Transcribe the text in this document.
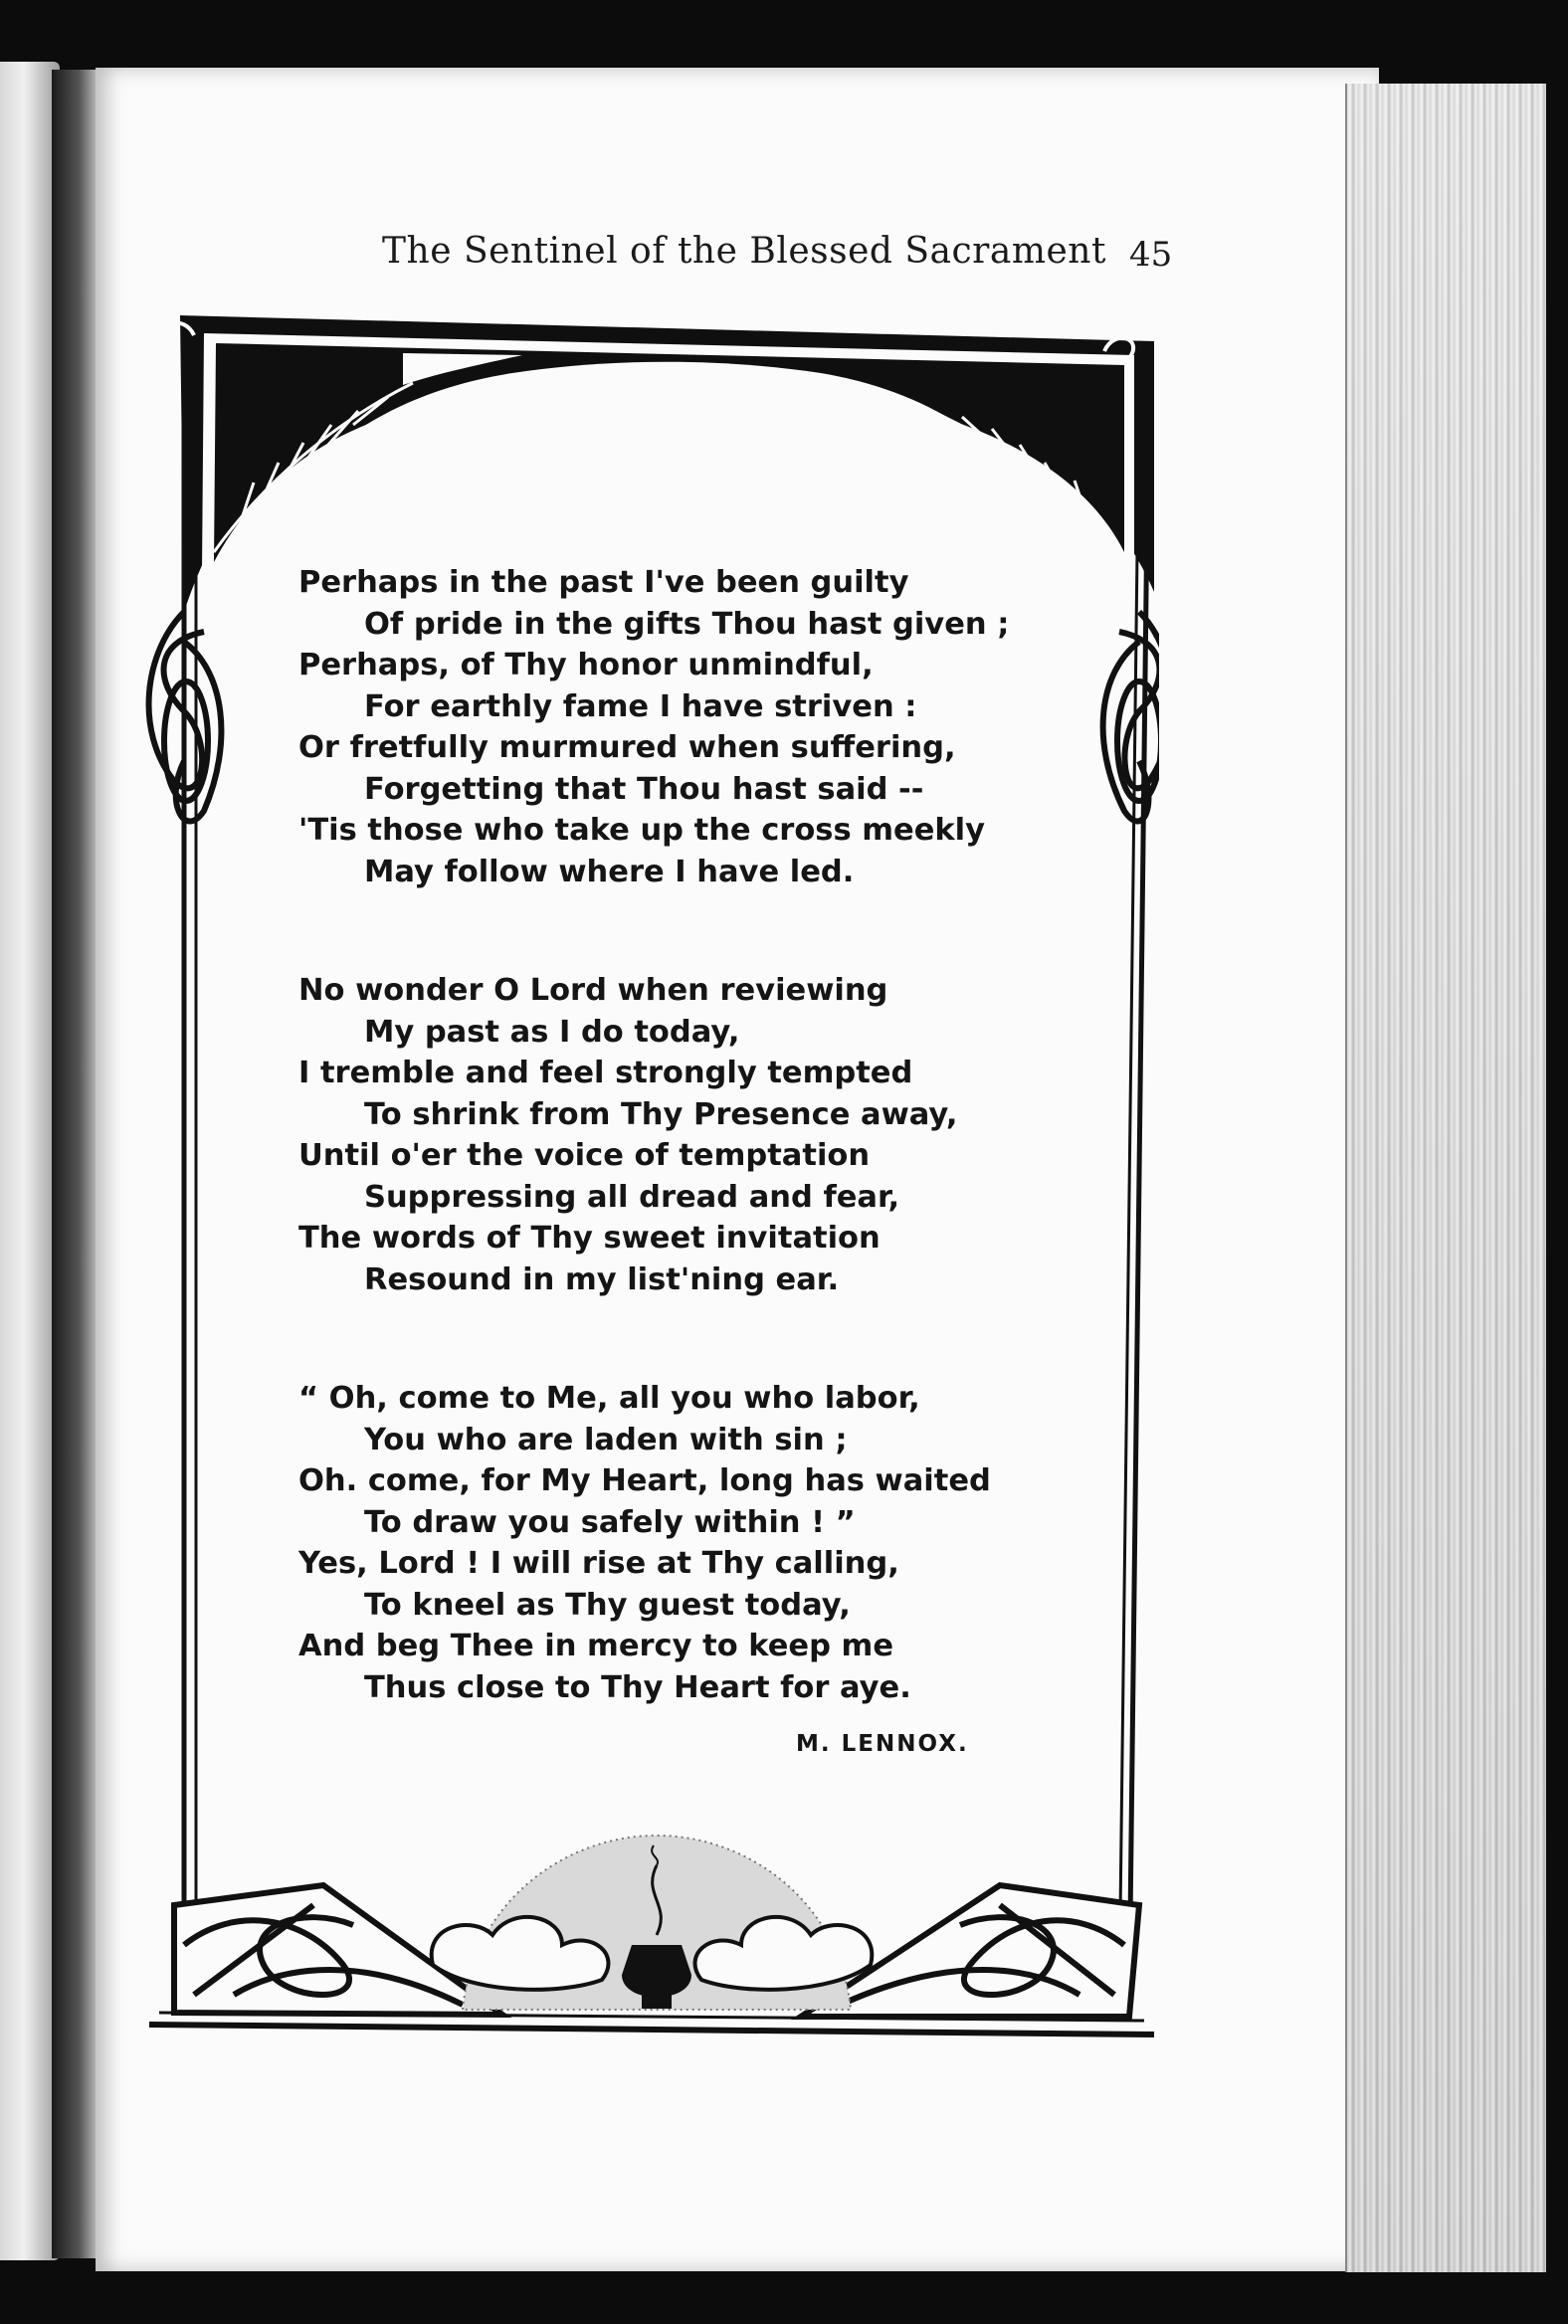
The Sentinel of the Blessed Sacrament 45
Perhaps in the past I've been guilty
Of pride in the gifts Thou hast given ;
Perhaps, of Thy honor unmindful,
For earthly fame I have striven :
Or fretfully murmured when suffering,
Forgetting that Thou hast said --
'Tis those who take up the cross meekly
May follow where I have led.
No wonder O Lord when reviewing
My past as I do today,
I tremble and feel strongly tempted
To shrink from Thy Presence away,
Until o'er the voice of temptation
Suppressing all dread and fear,
The words of Thy sweet invitation
Resound in my list'ning ear.
“ Oh, come to Me, all you who labor,
You who are laden with sin ;
Oh. come, for My Heart, long has waited
To draw you safely within ! ”
Yes, Lord ! I will rise at Thy calling,
To kneel as Thy guest today,
And beg Thee in mercy to keep me
Thus close to Thy Heart for aye.
M. LENNOX.
